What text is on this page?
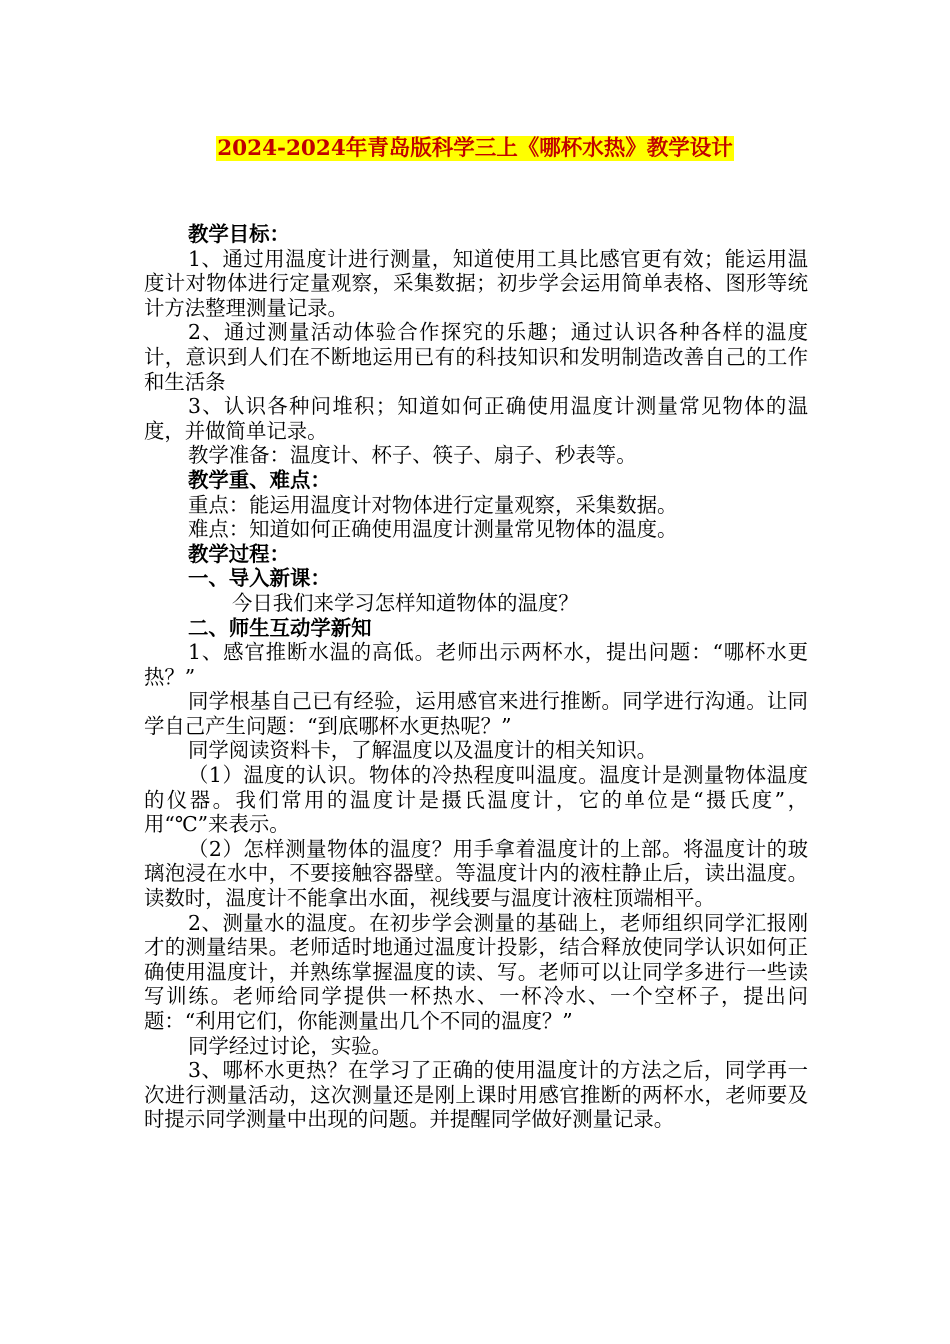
2024-2024年青岛版科学三上《哪杯水热》教学设计

教学目标：

1、通过用温度计进行测量，知道使用工具比感官更有效；能运用温度计对物体进行定量观察，采集数据；初步学会运用简单表格、图形等统计方法整理测量记录。

2、通过测量活动体验合作探究的乐趣；通过认识各种各样的温度计，意识到人们在不断地运用已有的科技知识和发明制造改善自己的工作和生活条

3、认识各种问堆积；知道如何正确使用温度计测量常见物体的温度，并做简单记录。

教学准备：温度计、杯子、筷子、扇子、秒表等。

教学重、难点：

重点：能运用温度计对物体进行定量观察，采集数据。

难点：知道如何正确使用温度计测量常见物体的温度。

教学过程：

一、导入新课：

今日我们来学习怎样知道物体的温度？

二、师生互动学新知

1、感官推断水温的高低。老师出示两杯水，提出问题：“哪杯水更热？”

同学根基自己已有经验，运用感官来进行推断。同学进行沟通。让同学自己产生问题：“到底哪杯水更热呢？”

同学阅读资料卡，了解温度以及温度计的相关知识。

（1）温度的认识。物体的冷热程度叫温度。温度计是测量物体温度的仪器。我们常用的温度计是摄氏温度计，它的单位是“摄氏度”，用“℃”来表示。

（2）怎样测量物体的温度？用手拿着温度计的上部。将温度计的玻璃泡浸在水中，不要接触容器壁。等温度计内的液柱静止后，读出温度。读数时，温度计不能拿出水面，视线要与温度计液柱顶端相平。

2、测量水的温度。在初步学会测量的基础上，老师组织同学汇报刚才的测量结果。老师适时地通过温度计投影，结合释放使同学认识如何正确使用温度计，并熟练掌握温度的读、写。老师可以让同学多进行一些读写训练。老师给同学提供一杯热水、一杯冷水、一个空杯子，提出问题：“利用它们，你能测量出几个不同的温度？”

同学经过讨论，实验。

3、哪杯水更热？在学习了正确的使用温度计的方法之后，同学再一次进行测量活动，这次测量还是刚上课时用感官推断的两杯水，老师要及时提示同学测量中出现的问题。并提醒同学做好测量记录。
